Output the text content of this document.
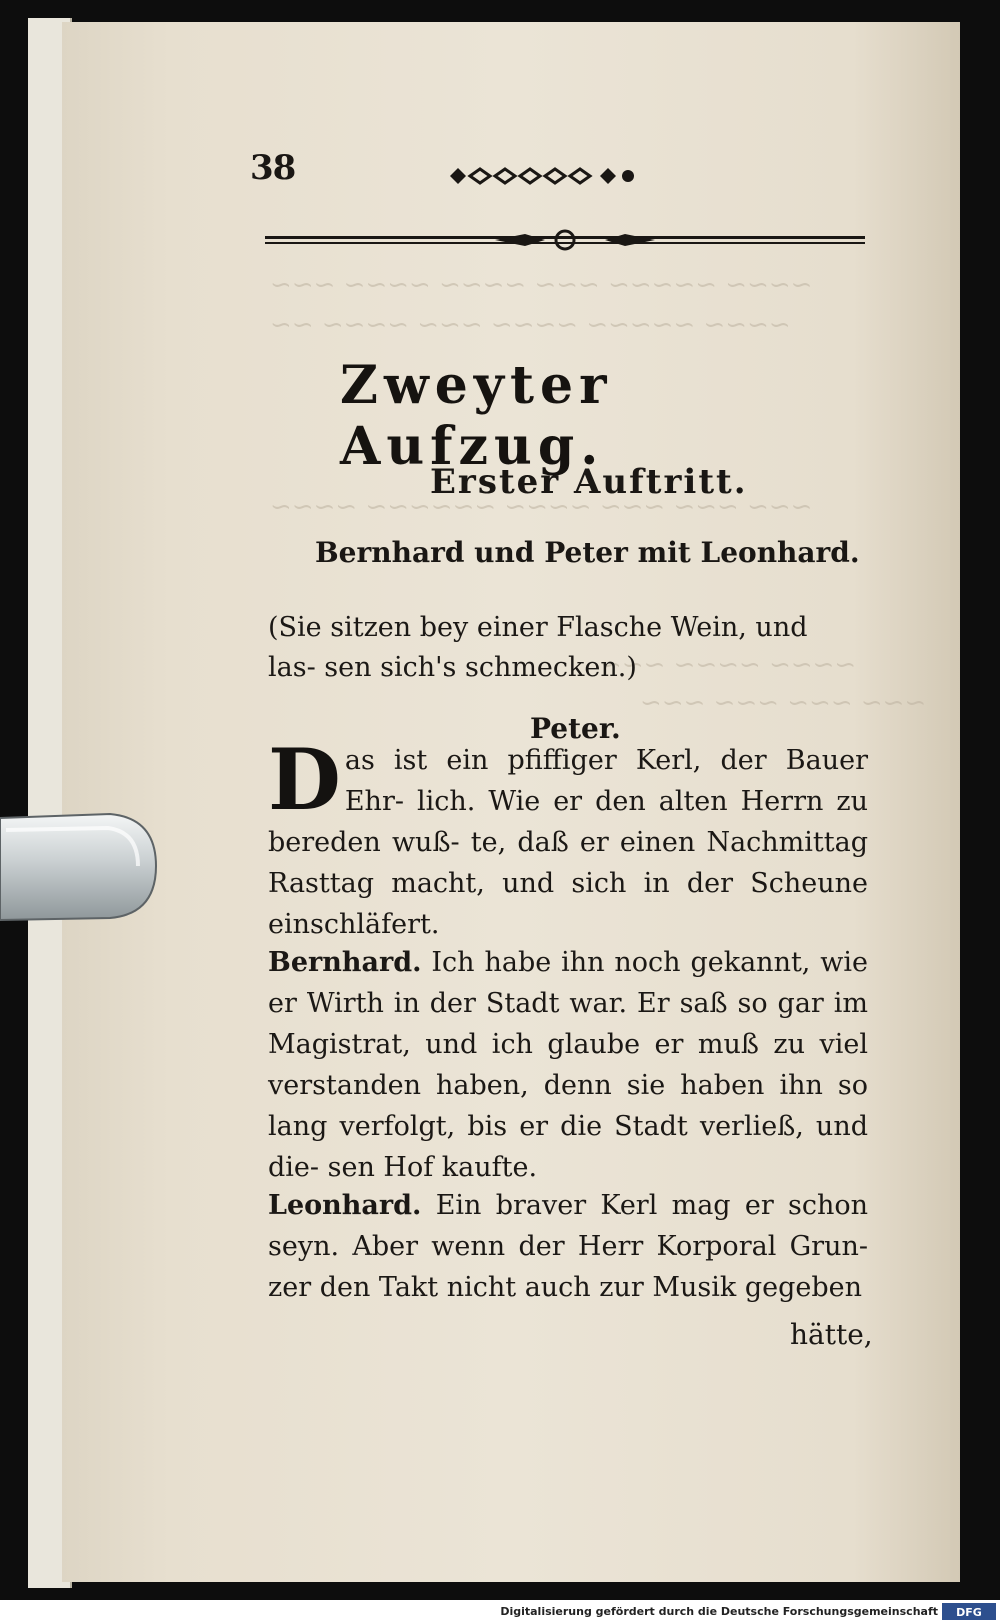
~~~~ ~~~~~ ~~~ ~~~~ ~~~~ ~~~
~~~~ ~~~~~ ~~~~ ~~~ ~~~~ ~~
~~~ ~~~ ~~~ ~~~~ ~~~~~~ ~~~~
~~~~ ~~~~ ~~~
~~~ ~~~ ~~~ ~~~
38
Zweyter Aufzug.
Erster Auftritt.
Bernhard und Peter mit Leonhard.
(Sie sitzen bey einer Flasche Wein, und las- sen sich's schmecken.)
Peter.
Das ist ein pfiffiger Kerl, der Bauer Ehr- lich. Wie er den alten Herrn zu bereden wuß- te, daß er einen Nachmittag Rasttag macht, und sich in der Scheune einschläfert.
Bernhard. Ich habe ihn noch gekannt, wie er Wirth in der Stadt war. Er saß so gar im Magistrat, und ich glaube er muß zu viel verstanden haben, denn sie haben ihn so lang verfolgt, bis er die Stadt verließ, und die- sen Hof kaufte.
Leonhard. Ein braver Kerl mag er schon seyn. Aber wenn der Herr Korporal Grun- zer den Takt nicht auch zur Musik gegeben
hätte,
Digitalisierung gefördert durch die Deutsche Forschungsgemeinschaft DFG
